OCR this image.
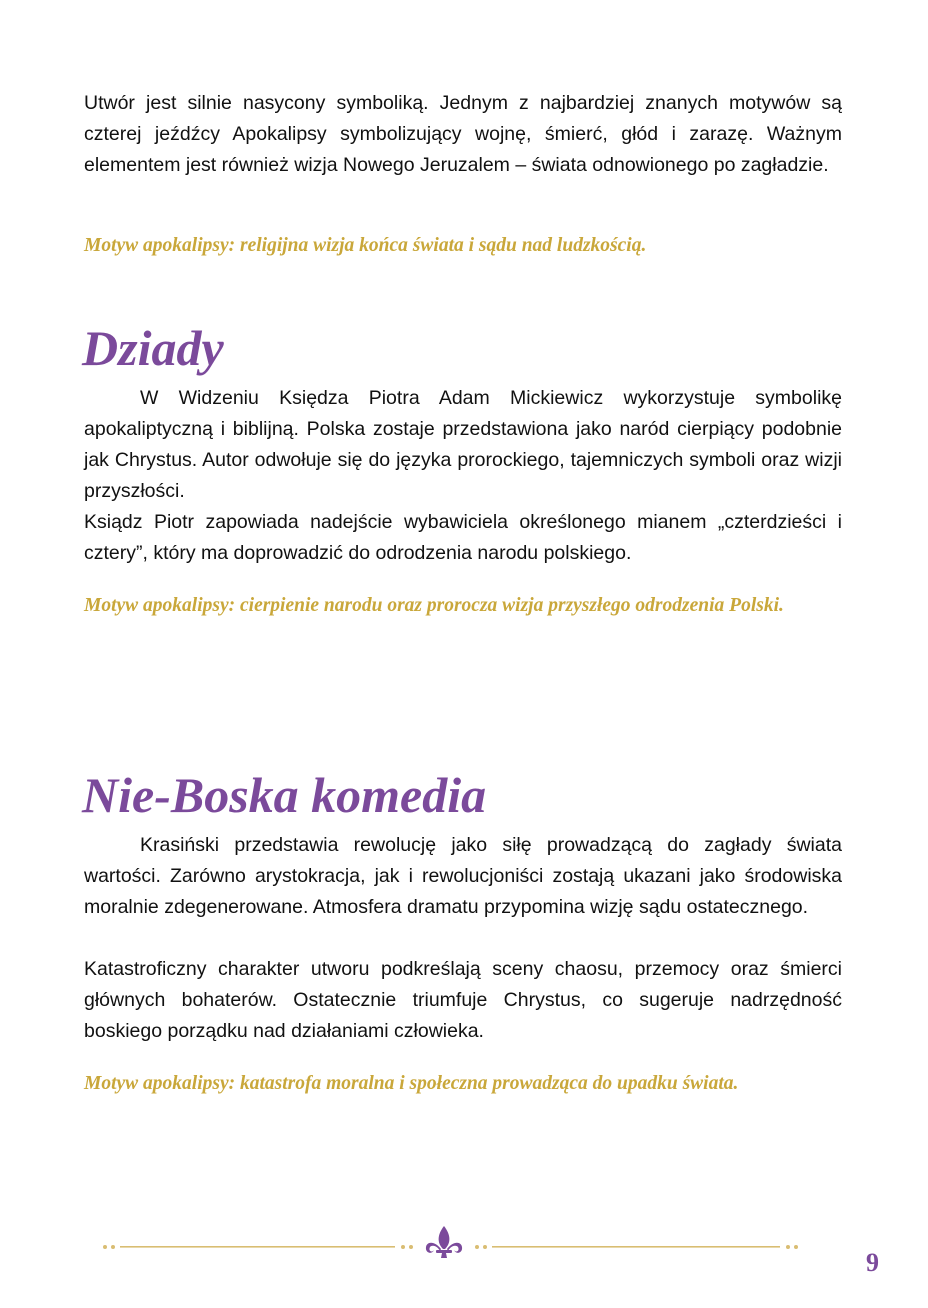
Utwór jest silnie nasycony symboliką. Jednym z najbardziej znanych motywów są czterej jeźdźcy Apokalipsy symbolizujący wojnę, śmierć, głód i zarazę. Ważnym elementem jest również wizja Nowego Jeruzalem – świata odnowionego po zagładzie.

Motyw apokalipsy: religijna wizja końca świata i sądu nad ludzkością.

Dziady

W Widzeniu Księdza Piotra Adam Mickiewicz wykorzystuje symbolikę apokaliptyczną i biblijną. Polska zostaje przedstawiona jako naród cierpiący podobnie jak Chrystus. Autor odwołuje się do języka prorockiego, tajemniczych symboli oraz wizji przyszłości.

Ksiądz Piotr zapowiada nadejście wybawiciela określonego mianem „czterdzieści i cztery”, który ma doprowadzić do odrodzenia narodu polskiego.

Motyw apokalipsy: cierpienie narodu oraz prorocza wizja przyszłego odrodzenia Polski.

Nie-Boska komedia

Krasiński przedstawia rewolucję jako siłę prowadzącą do zagłady świata wartości. Zarówno arystokracja, jak i rewolucjoniści zostają ukazani jako środowiska moralnie zdegenerowane. Atmosfera dramatu przypomina wizję sądu ostatecznego.

Katastroficzny charakter utworu podkreślają sceny chaosu, przemocy oraz śmierci głównych bohaterów. Ostatecznie triumfuje Chrystus, co sugeruje nadrzędność boskiego porządku nad działaniami człowieka.

Motyw apokalipsy: katastrofa moralna i społeczna prowadząca do upadku świata.

9
